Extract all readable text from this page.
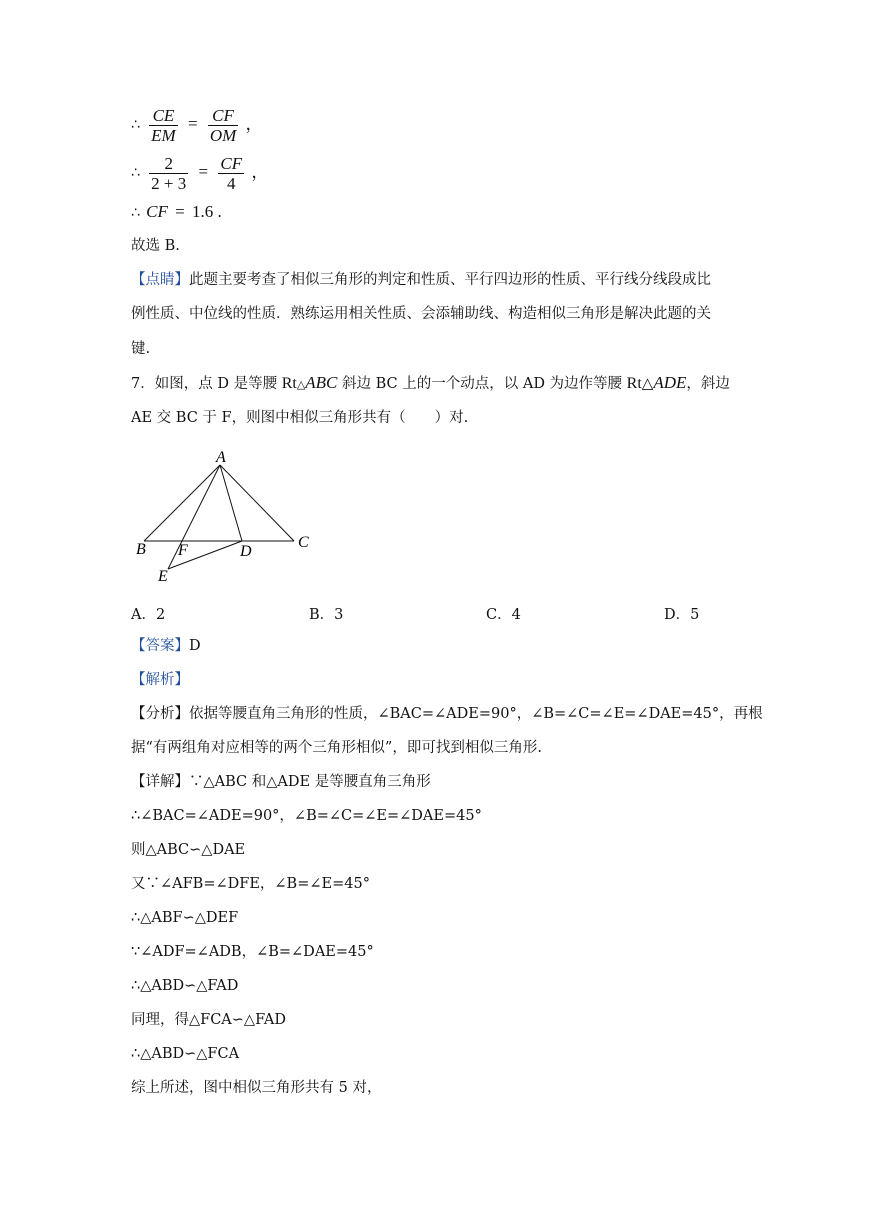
∴ $\frac{CE}{EM} = \frac{CF}{OM}$ ，
∴ $\frac{2}{2 + 3} = \frac{CF}{4}$ ，
∴ CF = 1.6 .
故选 B.
【点睛】此题主要考查了相似三角形的判定和性质、平行四边形的性质、平行线分线段成比
例性质、中位线的性质．熟练运用相关性质、会添辅助线、构造相似三角形是解决此题的关
键.
7．如图，点 D 是等腰 Rt△ABC 斜边 BC 上的一个动点，以 AD 为边作等腰 Rt△ADE，斜边
AE 交 BC 于 F，则图中相似三角形共有（　　）对.
A
B	C
D
E
F
A．2	B．3	C．4	D．5
【答案】D
【解析】
【分析】依据等腰直角三角形的性质，∠BAC=∠ADE=90°，∠B=∠C=∠E=∠DAE=45°，再根
据“有两组角对应相等的两个三角形相似”，即可找到相似三角形.
【详解】∵△ABC 和△ADE 是等腰直角三角形
∴∠BAC=∠ADE=90°，∠B=∠C=∠E=∠DAE=45°
则△ABC∽△DAE
又∵∠AFB=∠DFE，∠B=∠E=45°
∴△ABF∽△DEF
∵∠ADF=∠ADB，∠B=∠DAE=45°
∴△ABD∽△FAD
同理，得△FCA∽△FAD
∴△ABD∽△FCA
综上所述，图中相似三角形共有 5 对，
